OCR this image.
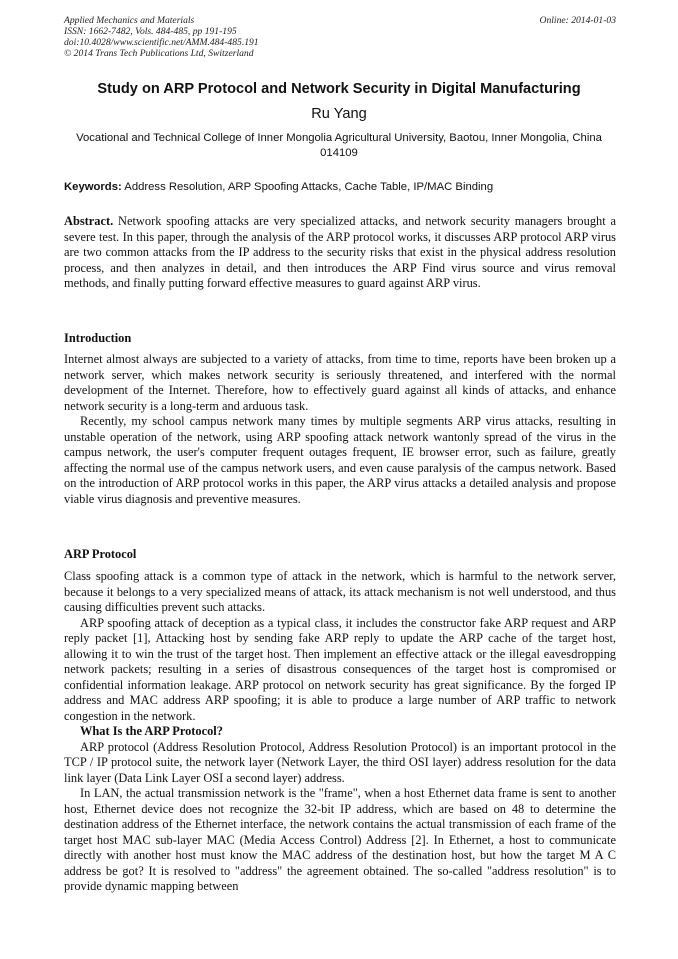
Applied Mechanics and Materials
ISSN: 1662-7482, Vols. 484-485, pp 191-195
doi:10.4028/www.scientific.net/AMM.484-485.191
© 2014 Trans Tech Publications Ltd, Switzerland
Online: 2014-01-03
Study on ARP Protocol and Network Security in Digital Manufacturing
Ru Yang
Vocational and Technical College of Inner Mongolia Agricultural University, Baotou, Inner Mongolia, China 014109
Keywords: Address Resolution, ARP Spoofing Attacks, Cache Table, IP/MAC Binding

Abstract. Network spoofing attacks are very specialized attacks, and network security managers brought a severe test. In this paper, through the analysis of the ARP protocol works, it discusses ARP protocol ARP virus are two common attacks from the IP address to the security risks that exist in the physical address resolution process, and then analyzes in detail, and then introduces the ARP Find virus source and virus removal methods, and finally putting forward effective measures to guard against ARP virus.

Introduction

Internet almost always are subjected to a variety of attacks, from time to time, reports have been broken up a network server, which makes network security is seriously threatened, and interfered with the normal development of the Internet. Therefore, how to effectively guard against all kinds of attacks, and enhance network security is a long-term and arduous task.

Recently, my school campus network many times by multiple segments ARP virus attacks, resulting in unstable operation of the network, using ARP spoofing attack network wantonly spread of the virus in the campus network, the user's computer frequent outages frequent, IE browser error, such as failure, greatly affecting the normal use of the campus network users, and even cause paralysis of the campus network. Based on the introduction of ARP protocol works in this paper, the ARP virus attacks a detailed analysis and propose viable virus diagnosis and preventive measures.

ARP Protocol

Class spoofing attack is a common type of attack in the network, which is harmful to the network server, because it belongs to a very specialized means of attack, its attack mechanism is not well understood, and thus causing difficulties prevent such attacks.

ARP spoofing attack of deception as a typical class, it includes the constructor fake ARP request and ARP reply packet [1], Attacking host by sending fake ARP reply to update the ARP cache of the target host, allowing it to win the trust of the target host. Then implement an effective attack or the illegal eavesdropping network packets; resulting in a series of disastrous consequences of the target host is compromised or confidential information leakage. ARP protocol on network security has great significance. By the forged IP address and MAC address ARP spoofing; it is able to produce a large number of ARP traffic to network congestion in the network.

What Is the ARP Protocol?

ARP protocol (Address Resolution Protocol, Address Resolution Protocol) is an important protocol in the TCP / IP protocol suite, the network layer (Network Layer, the third OSI layer) address resolution for the data link layer (Data Link Layer OSI a second layer) address.

In LAN, the actual transmission network is the "frame", when a host Ethernet data frame is sent to another host, Ethernet device does not recognize the 32-bit IP address, which are based on 48 to determine the destination address of the Ethernet interface, the network contains the actual transmission of each frame of the target host MAC sub-layer MAC (Media Access Control) Address [2]. In Ethernet, a host to communicate directly with another host must know the MAC address of the destination host, but how the target M A C address be got? It is resolved to "address" the agreement obtained. The so-called "address resolution" is to provide dynamic mapping between
